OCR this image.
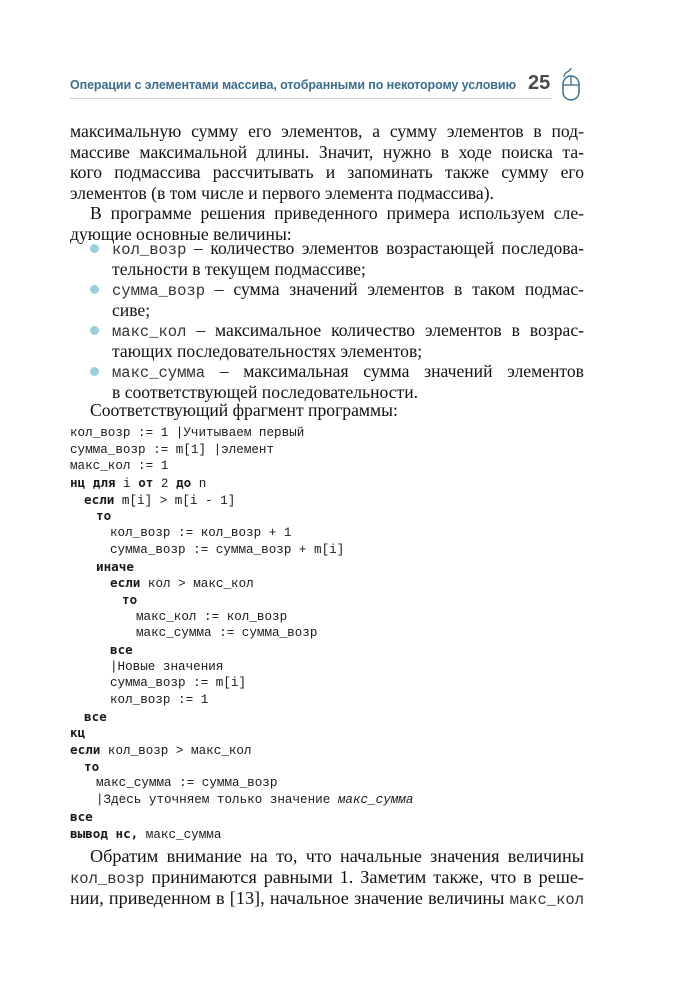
Операции с элементами массива, отобранными по некоторому условию 25
максимальную сумму его элементов, а сумму элементов в под-
массиве максимальной длины. Значит, нужно в ходе поиска та-
кого подмассива рассчитывать и запоминать также сумму его
элементов (в том числе и первого элемента подмассива).
В программе решения приведенного примера используем сле-
дующие основные величины:
кол_возр – количество элементов возрастающей последова-
тельности в текущем подмассиве;
сумма_возр – сумма значений элементов в таком подмас-
сиве;
макс_кол – максимальное количество элементов в возрас-
тающих последовательностях элементов;
макс_сумма – максимальная сумма значений элементов
в соответствующей последовательности.
Соответствующий фрагмент программы:
кол_возр := 1 |Учитываем первый
сумма_возр := m[1] |элемент
макс_кол := 1
нц для i от 2 до n
если m[i] > m[i - 1]
то
кол_возр := кол_возр + 1
сумма_возр := сумма_возр + m[i]
иначе
если кол > макс_кол
то
макс_кол := кол_возр
макс_сумма := сумма_возр
все
|Новые значения
сумма_возр := m[i]
кол_возр := 1
все
кц
если кол_возр > макс_кол
то
макс_сумма := сумма_возр
|Здесь уточняем только значение макс_сумма
все
вывод нс, макс_сумма
Обратим внимание на то, что начальные значения величины
кол_возр принимаются равными 1. Заметим также, что в реше-
нии, приведенном в [13], начальное значение величины макс_кол
